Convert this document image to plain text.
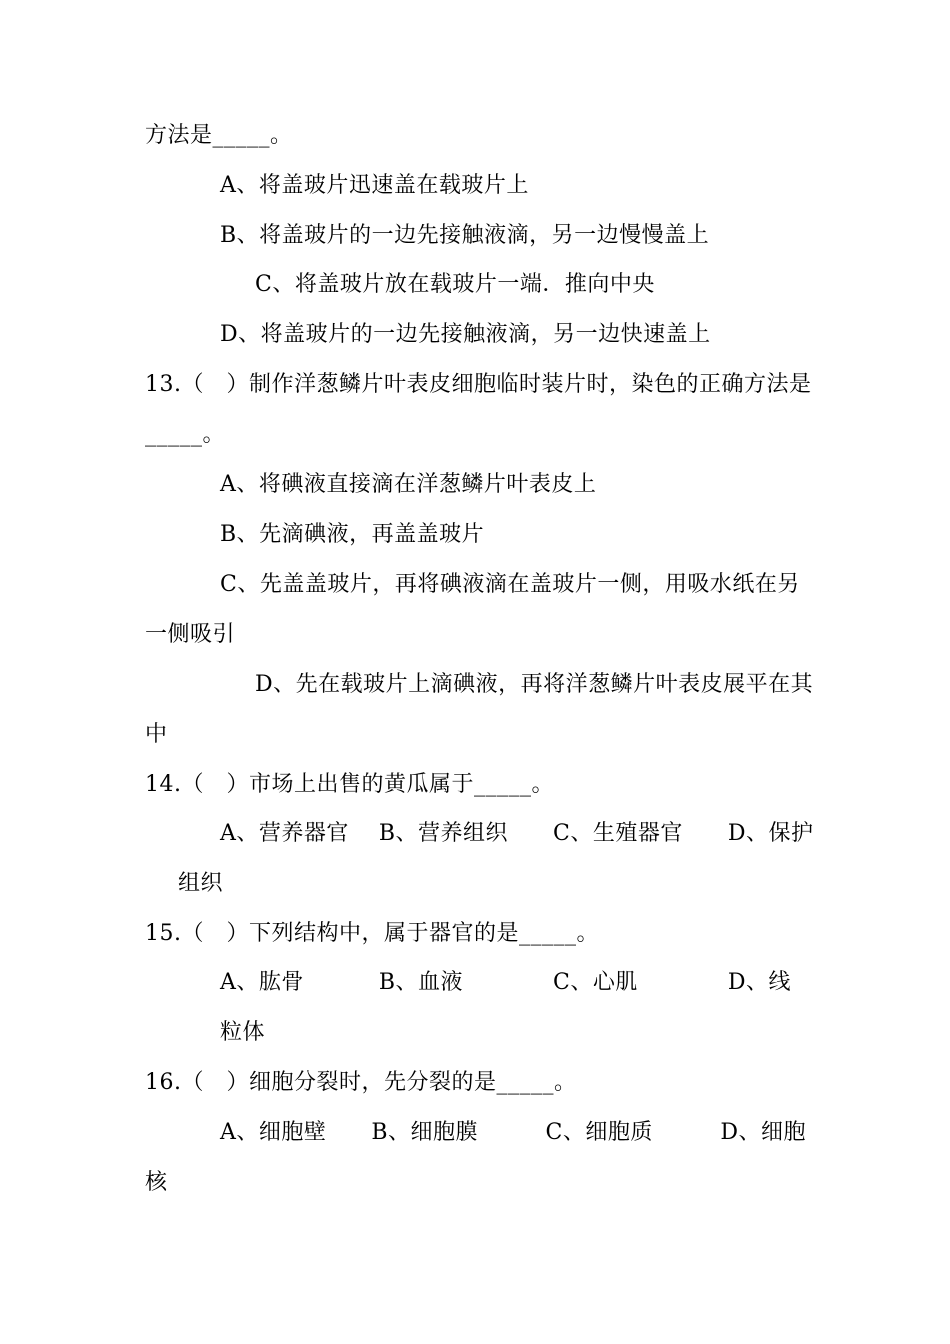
方法是_____。
A、将盖玻片迅速盖在载玻片上
B、将盖玻片的一边先接触液滴，另一边慢慢盖上
C、将盖玻片放在载玻片一端．推向中央
D、将盖玻片的一边先接触液滴，另一边快速盖上
13.（　）制作洋葱鳞片叶表皮细胞临时装片时，染色的正确方法是
_____。
A、将碘液直接滴在洋葱鳞片叶表皮上
B、先滴碘液，再盖盖玻片
C、先盖盖玻片，再将碘液滴在盖玻片一侧，用吸水纸在另
一侧吸引
D、先在载玻片上滴碘液，再将洋葱鳞片叶表皮展平在其
中
14.（　）市场上出售的黄瓜属于_____。
A、营养器官　 B、营养组织　　C、生殖器官　　D、保护
组织
15.（　）下列结构中，属于器官的是_____。
A、肱骨　　　 B、血液　　　　C、心肌　　　　D、线
粒体
16.（　）细胞分裂时，先分裂的是_____。
A、细胞壁　　B、细胞膜　　　C、细胞质　　　D、细胞
核
